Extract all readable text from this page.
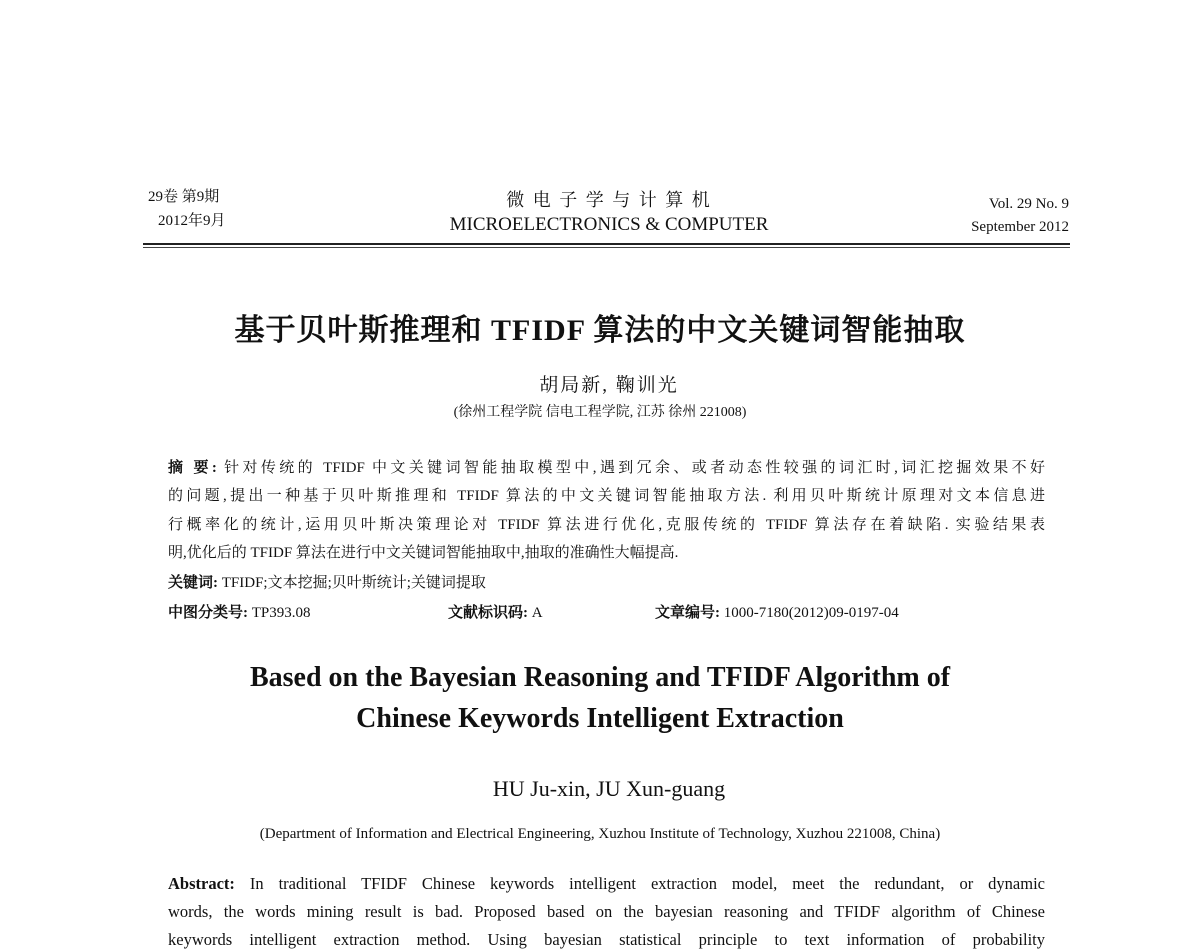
29卷 第9期
2012年9月
微 电 子 学 与 计 算 机
MICROELECTRONICS & COMPUTER
Vol. 29 No. 9
September 2012
基于贝叶斯推理和 TFIDF 算法的中文关键词智能抽取
胡局新, 鞠训光
(徐州工程学院 信电工程学院, 江苏 徐州 221008)
摘 要: 针对传统的 TFIDF 中文关键词智能抽取模型中,遇到冗余、或者动态性较强的词汇时,词汇挖掘效果不好
的问题,提出一种基于贝叶斯推理和 TFIDF 算法的中文关键词智能抽取方法. 利用贝叶斯统计原理对文本信息进
行概率化的统计,运用贝叶斯决策理论对 TFIDF 算法进行优化,克服传统的 TFIDF 算法存在着缺陷. 实验结果表
明,优化后的 TFIDF 算法在进行中文关键词智能抽取中,抽取的准确性大幅提高.
关键词: TFIDF;文本挖掘;贝叶斯统计;关键词提取
中图分类号: TP393.08	文献标识码: A	文章编号: 1000-7180(2012)09-0197-04
Based on the Bayesian Reasoning and TFIDF Algorithm of
Chinese Keywords Intelligent Extraction
HU Ju-xin, JU Xun-guang
(Department of Information and Electrical Engineering, Xuzhou Institute of Technology, Xuzhou 221008, China)
Abstract: In traditional TFIDF Chinese keywords intelligent extraction model, meet the redundant, or dynamic
words, the words mining result is bad. Proposed based on the bayesian reasoning and TFIDF algorithm of Chinese
keywords intelligent extraction method. Using bayesian statistical principle to text information of probability
